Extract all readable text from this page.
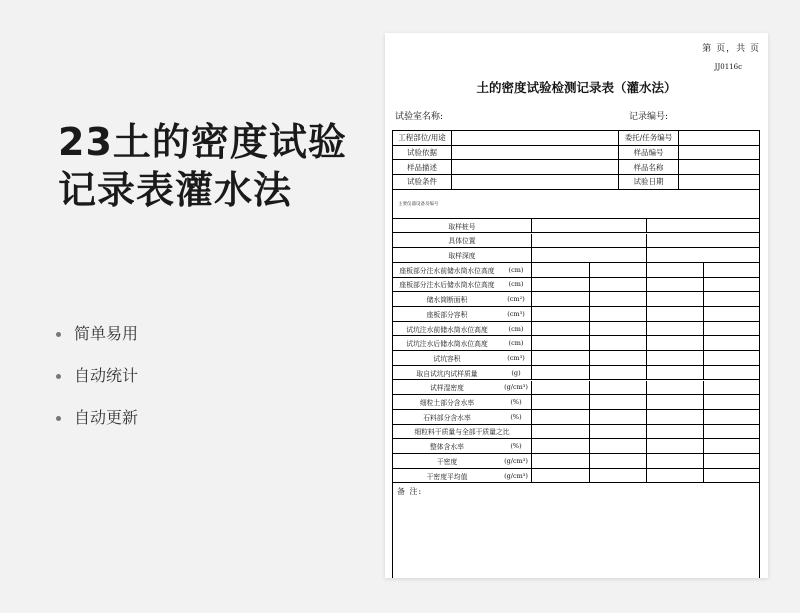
23土的密度试验
记录表灌水法
简单易用
自动统计
自动更新
第 页，共 页
JJ0116c
土的密度试验检测记录表（灌水法）
试验室名称:	记录编号:
工程部位/用途	委托/任务编号
试验依据	样品编号
样品描述	样品名称
试验条件	试验日期
主要仪器设备及编号
取样桩号
具体位置
取样深度
座板部分注水前储水筒水位高度	(cm)
座板部分注水后储水筒水位高度	(cm)
储水筒断面积	(cm²)
座板部分容积	(cm³)
试坑注水前储水筒水位高度	(cm)
试坑注水后储水筒水位高度	(cm)
试坑容积	(cm³)
取自试坑内试样质量	(g)
试样湿密度	(g/cm³)
细粒土部分含水率	(%)
石料部分含水率	(%)
细粒料干质量与全部干质量之比
整体含水率	(%)
干密度	(g/cm³)
干密度平均值	(g/cm³)
备 注:
